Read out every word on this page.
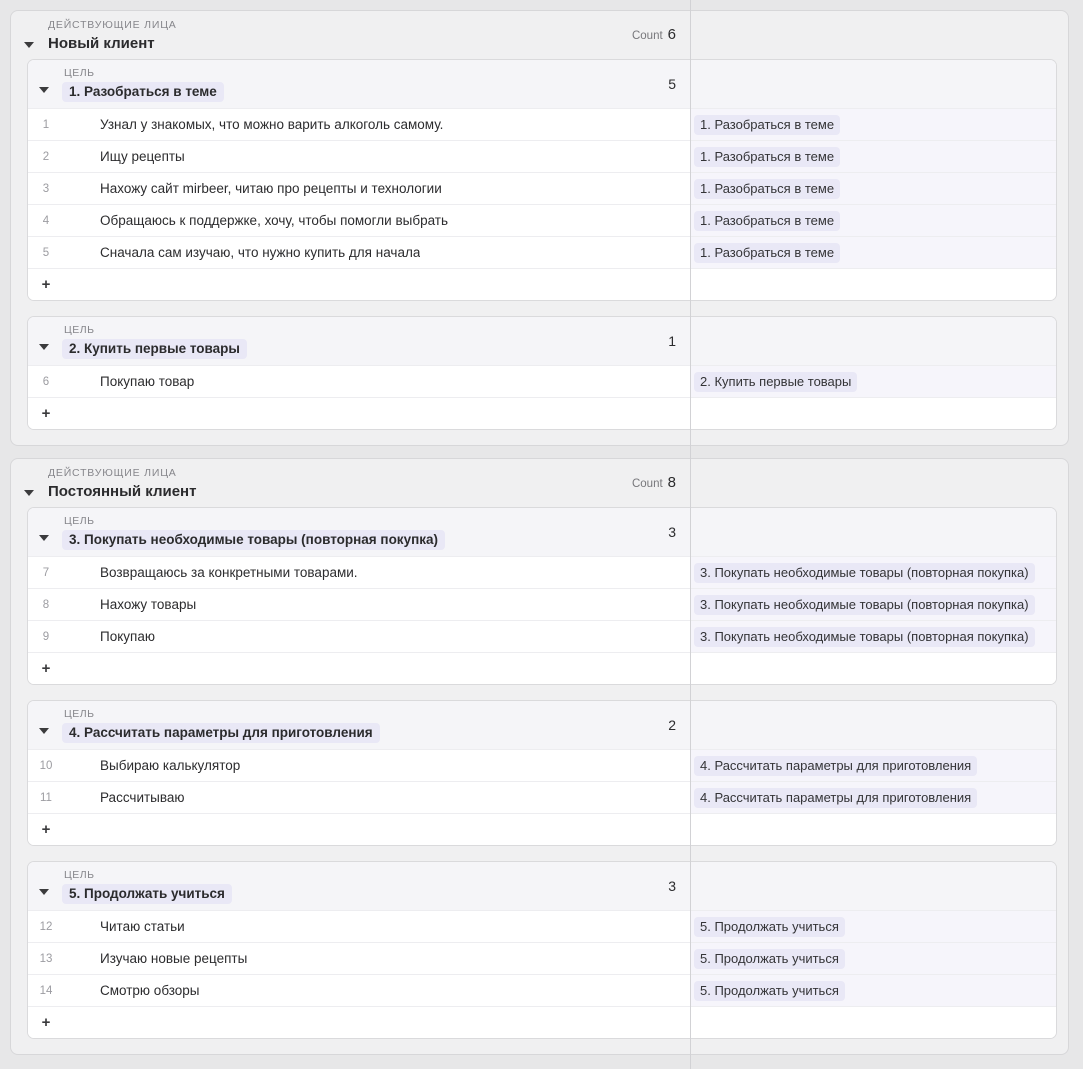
ДЕЙСТВУЮЩИЕ ЛИЦА
Новый клиент	Count 6
ЦЕЛЬ
1. Разобраться в теме	5
1	Узнал у знакомых, что можно варить алкоголь самому.	1. Разобраться в теме
2	Ищу рецепты	1. Разобраться в теме
3	Нахожу сайт mirbeer, читаю про рецепты и технологии	1. Разобраться в теме
4	Обращаюсь к поддержке, хочу, чтобы помогли выбрать	1. Разобраться в теме
5	Сначала сам изучаю, что нужно купить для начала	1. Разобраться в теме
+
ЦЕЛЬ
2. Купить первые товары	1
6	Покупаю товар	2. Купить первые товары
+
ДЕЙСТВУЮЩИЕ ЛИЦА
Постоянный клиент	Count 8
ЦЕЛЬ
3. Покупать необходимые товары (повторная покупка)	3
7	Возвращаюсь за конкретными товарами.	3. Покупать необходимые товары (повторная покупка)
8	Нахожу товары	3. Покупать необходимые товары (повторная покупка)
9	Покупаю	3. Покупать необходимые товары (повторная покупка)
+
ЦЕЛЬ
4. Рассчитать параметры для приготовления	2
10	Выбираю калькулятор	4. Рассчитать параметры для приготовления
11	Рассчитываю	4. Рассчитать параметры для приготовления
+
ЦЕЛЬ
5. Продолжать учиться	3
12	Читаю статьи	5. Продолжать учиться
13	Изучаю новые рецепты	5. Продолжать учиться
14	Смотрю обзоры	5. Продолжать учиться
+
